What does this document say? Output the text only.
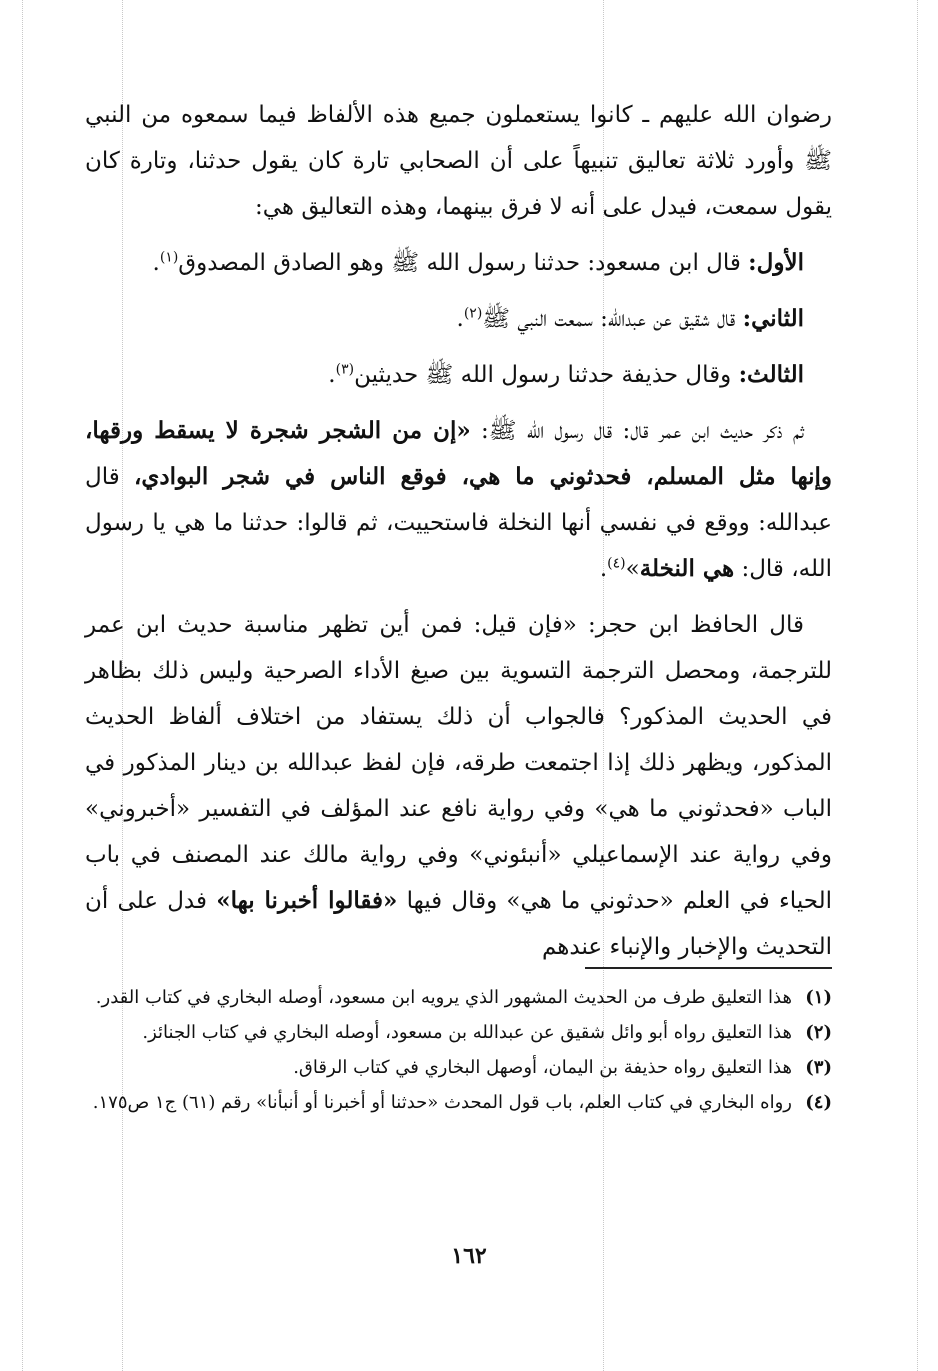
رضوان الله عليهم ـ كانوا يستعملون جميع هذه الألفاظ فيما سمعوه من النبي ﷺ وأورد ثلاثة تعاليق تنبيهاً على أن الصحابي تارة كان يقول حدثنا، وتارة كان يقول سمعت، فيدل على أنه لا فرق بينهما، وهذه التعاليق هي:

الأول: قال ابن مسعود: حدثنا رسول الله ﷺ وهو الصادق المصدوق$^{(١)}$.

الثاني: قال شقيق عن عبدالله: سمعت النبي ﷺ$^{(٢)}$.

الثالث: وقال حذيفة حدثنا رسول الله ﷺ حديثين$^{(٣)}$.

ثم ذكر حديث ابن عمر قال: قال رسول الله ﷺ: «إن من الشجر شجرة لا يسقط ورقها، وإنها مثل المسلم، فحدثوني ما هي، فوقع الناس في شجر البوادي، قال عبدالله: ووقع في نفسي أنها النخلة فاستحييت، ثم قالوا: حدثنا ما هي يا رسول الله، قال: هي النخلة»$^{(٤)}$.

قال الحافظ ابن حجر: «فإن قيل: فمن أين تظهر مناسبة حديث ابن عمر للترجمة، ومحصل الترجمة التسوية بين صيغ الأداء الصرحية وليس ذلك بظاهر في الحديث المذكور؟ فالجواب أن ذلك يستفاد من اختلاف ألفاظ الحديث المذكور، ويظهر ذلك إذا اجتمعت طرقه، فإن لفظ عبدالله بن دينار المذكور في الباب «فحدثوني ما هي» وفي رواية نافع عند المؤلف في التفسير «أخبروني» وفي رواية عند الإسماعيلي «أنبئوني» وفي رواية مالك عند المصنف في باب الحياء في العلم «حدثوني ما هي» وقال فيها «فقالوا أخبرنا بها» فدل على أن التحديث والإخبار والإنباء عندهم

(١)
هذا التعليق طرف من الحديث المشهور الذي يرويه ابن مسعود، أوصله البخاري في كتاب القدر.
(٢)
هذا التعليق رواه أبو وائل شقيق عن عبدالله بن مسعود، أوصله البخاري في كتاب الجنائز.
(٣)
هذا التعليق رواه حذيفة بن اليمان، أوصهل البخاري في كتاب الرقاق.
(٤)
رواه البخاري في كتاب العلم، باب قول المحدث «حدثنا أو أخبرنا أو أنبأنا» رقم (٦١) ج١ ص١٧٥.
١٦٢
